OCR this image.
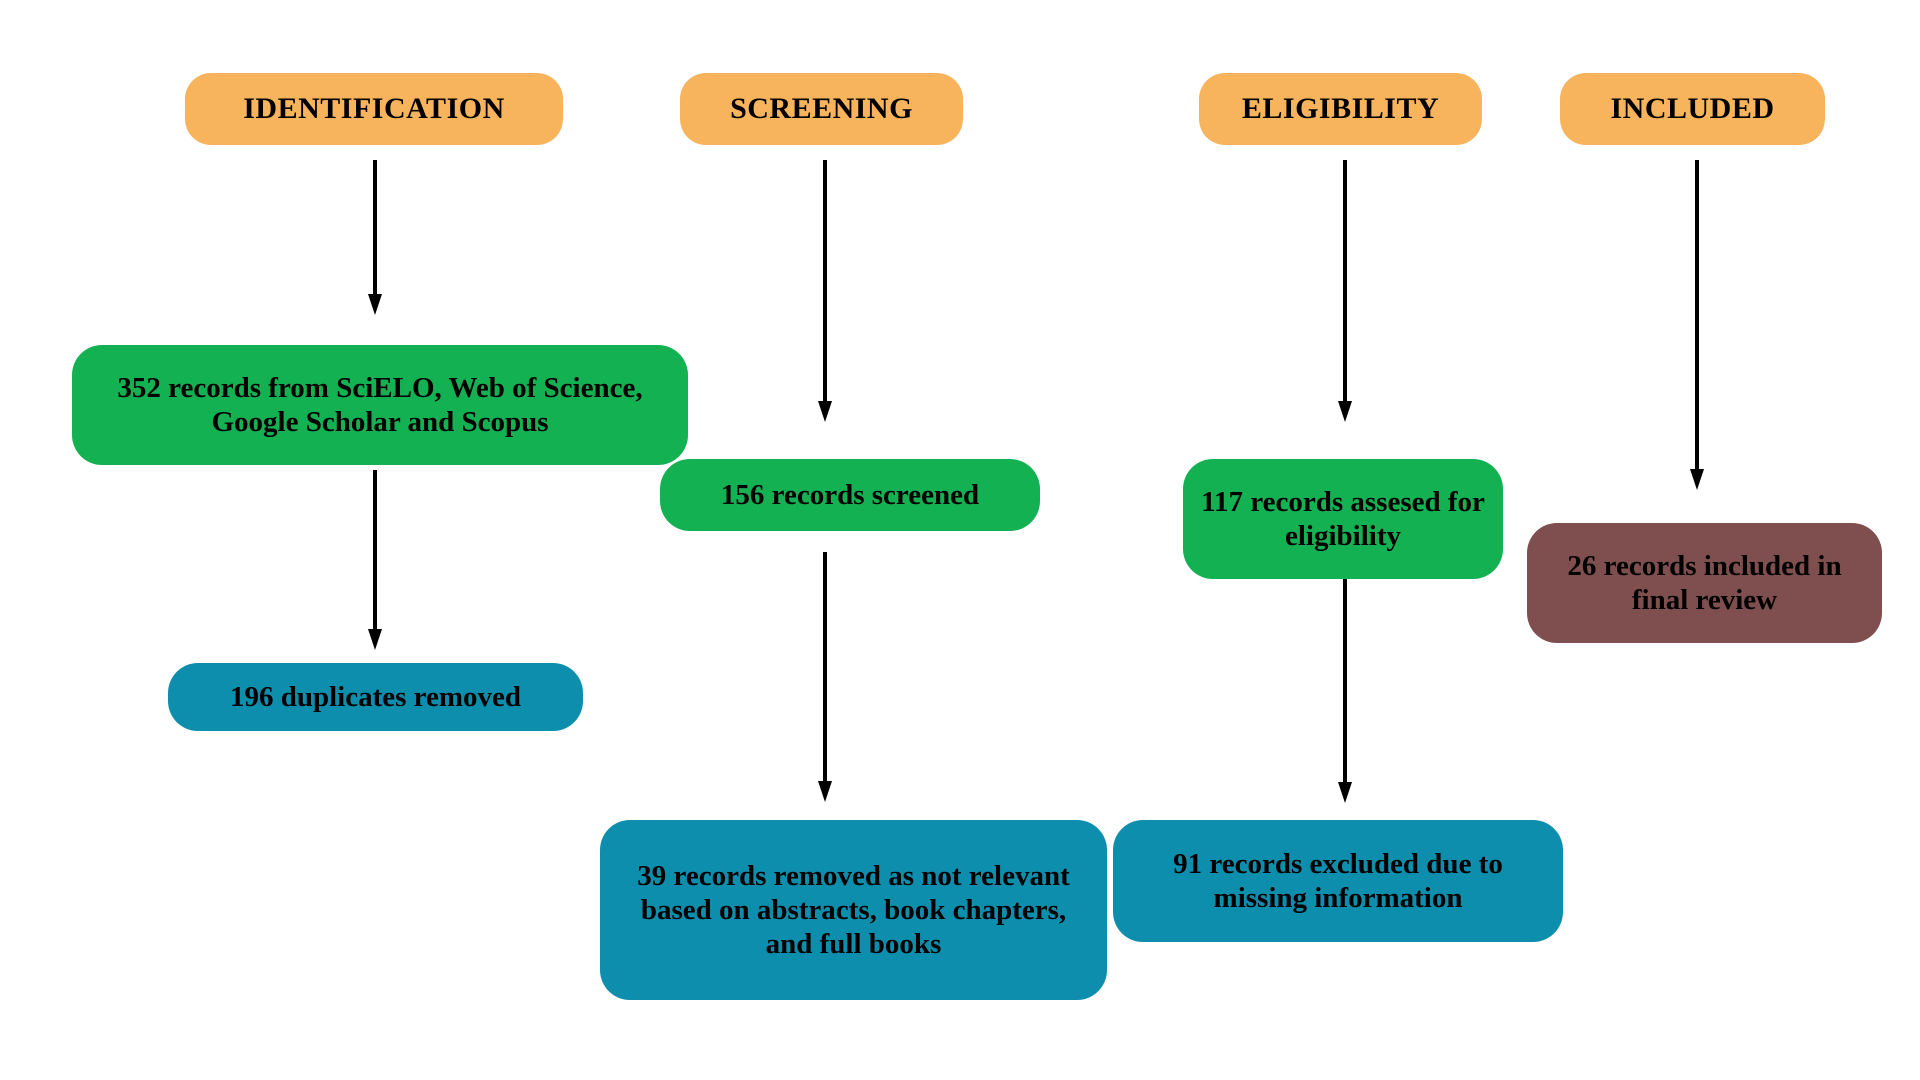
IDENTIFICATION	SCREENING	ELIGIBILITY	INCLUDED
352 records from SciELO, Web of Science, Google Scholar and Scopus
196 duplicates removed
156 records screened
39 records removed as not relevant based on abstracts, book chapters, and full books
117 records assesed for eligibility
91 records excluded due to missing information
26 records included in final review
